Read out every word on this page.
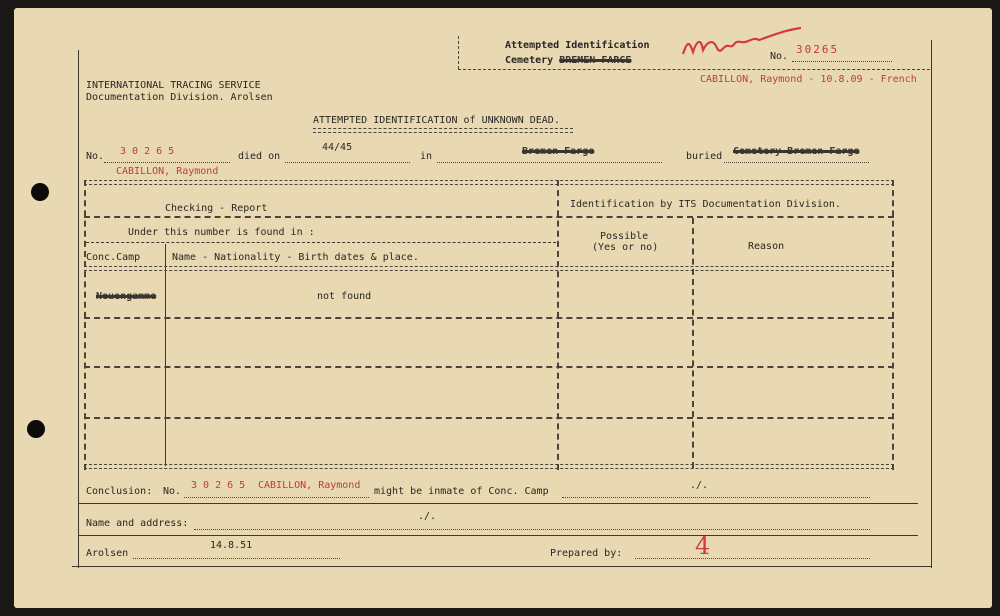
Attempted Identification
Cemetery BREMEN-FARGE	No.
30265
INTERNATIONAL TRACING SERVICE
Documentation Division. Arolsen
CABILLON, Raymond - 10.8.09 - French
ATTEMPTED IDENTIFICATION of UNKNOWN DEAD.
No. 3 0 2 6 5	died on
44/45
in	Bremen-Farge	buried Cemetery Bremen-Farge
CABILLON, Raymond
Checking - Report	Identification by ITS Documentation Division.
Under this number is found in :	Possible
(Yes or no)	Reason
Conc.Camp	Name - Nationality - Birth dates & place.
Neuengamme	not found
Conclusion: No.
3 0 2 6 5 CABILLON, Raymond
might be inmate of Conc. Camp
./.
Name and address:
./.
Arolsen
14.8.51
Prepared by:	4
